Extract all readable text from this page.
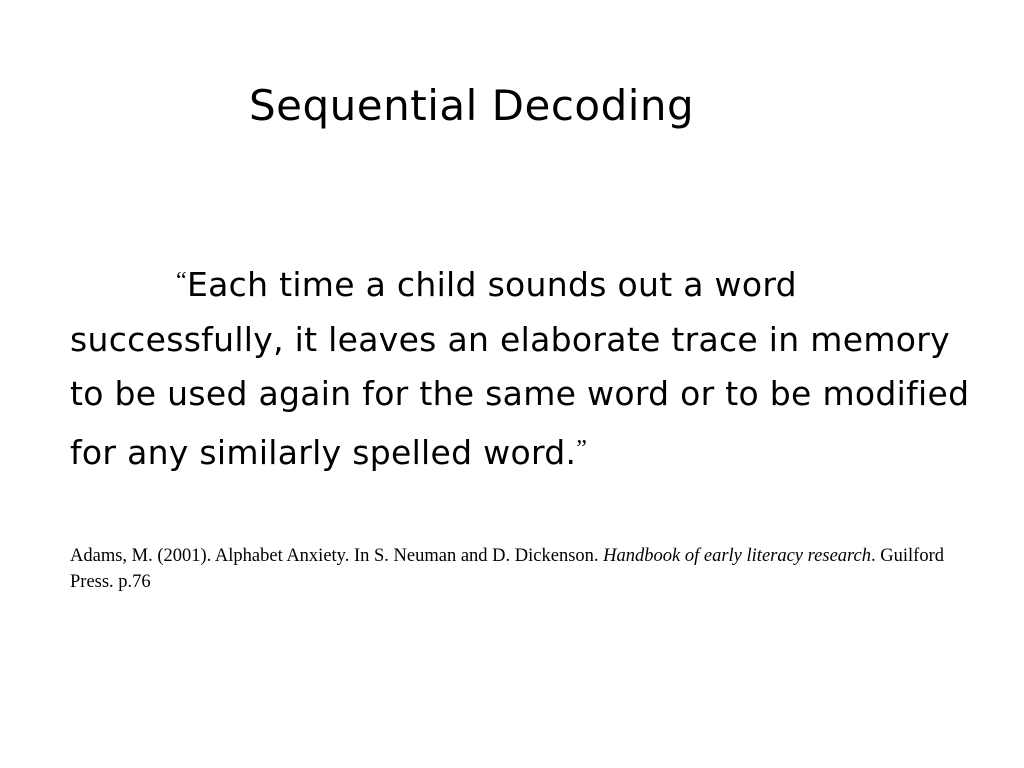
Sequential Decoding
“Each time a child sounds out a word successfully, it leaves an elaborate trace in memory to be used again for the same word or to be modified for any similarly spelled word.”
Adams, M. (2001). Alphabet Anxiety. In S. Neuman and D. Dickenson. Handbook of early literacy research. Guilford Press. p.76
